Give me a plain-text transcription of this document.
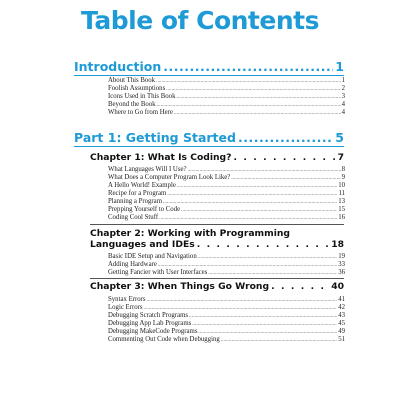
Table of Contents
Introduction .....	1
About This Book .....	1
Foolish Assumptions .....	2
Icons Used in This Book .....	3
Beyond the Book .....	4
Where to Go from Here .....	4
Part 1: Getting Started .....	5
Chapter 1: What Is Coding? . . .	7
What Languages Will I Use? .....	8
What Does a Computer Program Look Like? .....	9
A Hello World! Example .....	10
Recipe for a Program .....	11
Planning a Program .....	13
Prepping Yourself to Code .....	15
Coding Cool Stuff .....	16
Chapter 2: Working with Programming
Languages and IDEs . . .	18
Basic IDE Setup and Navigation .....	19
Adding Hardware .....	33
Getting Fancier with User Interfaces .....	36
Chapter 3: When Things Go Wrong . . .	40
Syntax Errors .....	41
Logic Errors .....	42
Debugging Scratch Programs .....	43
Debugging App Lab Programs .....	45
Debugging MakeCode Programs .....	49
Commenting Out Code when Debugging .....	51
